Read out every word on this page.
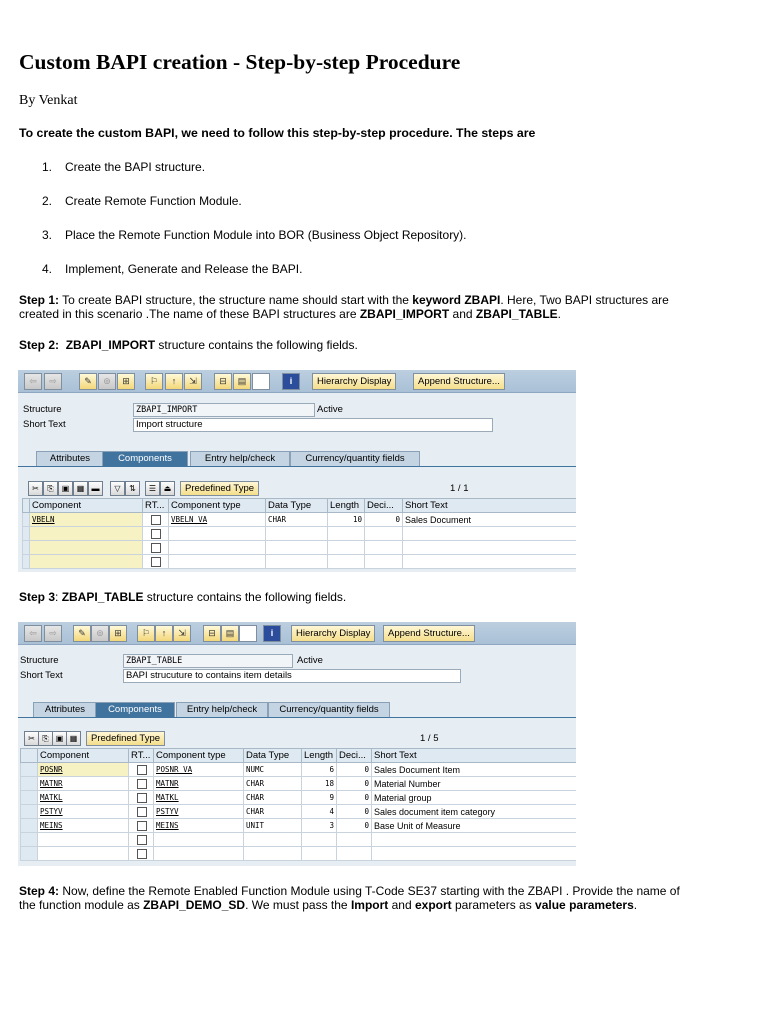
Custom BAPI creation - Step-by-step Procedure
By Venkat
To create the custom BAPI, we need to follow this step-by-step procedure. The steps are
1. Create the BAPI structure.
2. Create Remote Function Module.
3. Place the Remote Function Module into BOR (Business Object Repository).
4. Implement, Generate and Release the BAPI.
Step 1: To create BAPI structure, the structure name should start with the keyword ZBAPI. Here, Two BAPI structures are
created in this scenario .The name of these BAPI structures are ZBAPI_IMPORT and ZBAPI_TABLE.
Step 2: ZBAPI_IMPORT structure contains the following fields.
⇦	⇨	✎	⊚	⊞	⚐	↑	⇲	⊟	▤	i	Hierarchy Display	Append Structure...
Structure	ZBAPI_IMPORT	Active
Short Text	Import structure
Attributes	Components	Entry help/check	Currency/quantity fields
✂	⎘	▣ ▦ ▬	▽	⇅	☰ ⏏	Predefined Type	1 / 1
	Component	RT...	Component type	Data Type	Length	Deci...	Short Text
	VBELN		VBELN_VA	CHAR	10	0	Sales Document

Step 3: ZBAPI_TABLE structure contains the following fields.
⇦	⇨	✎	⊚	⊞	⚐	↑	⇲	⊟	▤	i	Hierarchy Display	Append Structure...
Structure	ZBAPI_TABLE	Active
Short Text	BAPI strucuture to contains item details
Attributes	Components	Entry help/check	Currency/quantity fields
✂ ⎘ ▣ ▦	Predefined Type	1 / 5
	Component	RT...	Component type	Data Type	Length	Deci...	Short Text
	POSNR		POSNR_VA	NUMC	6	0	Sales Document Item
	MATNR		MATNR	CHAR	18	0	Material Number
	MATKL		MATKL	CHAR	9	0	Material group
	PSTYV		PSTYV	CHAR	4	0	Sales document item category
	MEINS		MEINS	UNIT	3	0	Base Unit of Measure

Step 4: Now, define the Remote Enabled Function Module using T-Code SE37 starting with the ZBAPI . Provide the name of
the function module as ZBAPI_DEMO_SD. We must pass the Import and export parameters as value parameters.
